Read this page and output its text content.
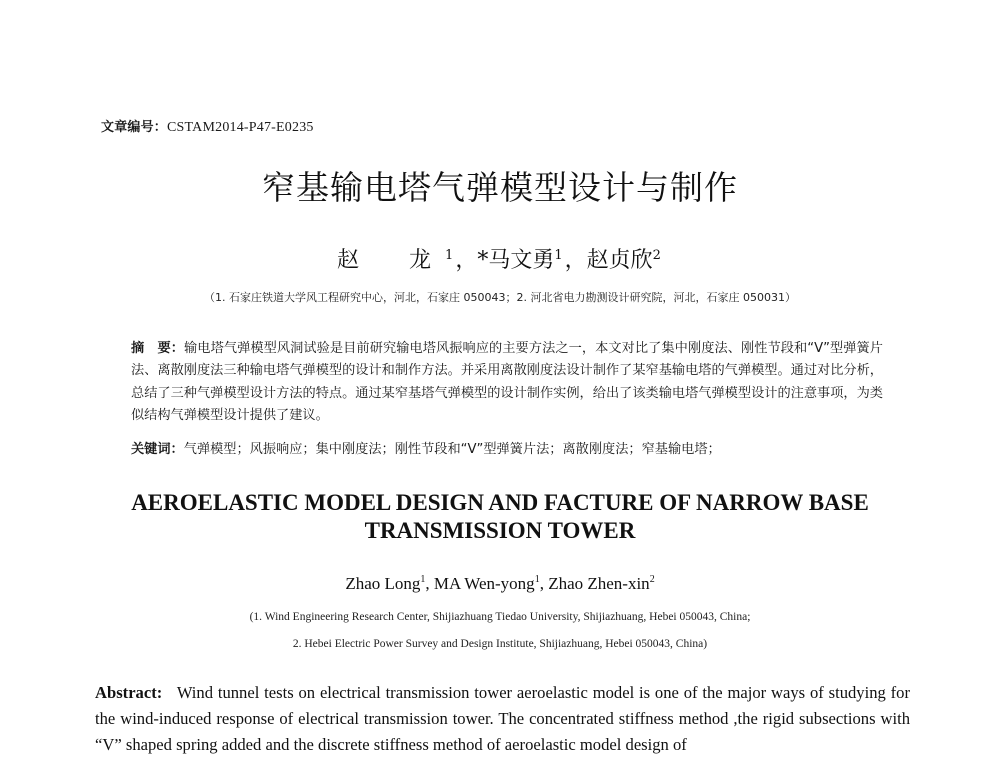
文章编号：CSTAM2014-P47-E0235
窄基输电塔气弹模型设计与制作
赵　龙$^1$，*马文勇$^1$，赵贞欣$^2$
（1. 石家庄铁道大学风工程研究中心，河北，石家庄 050043；2. 河北省电力勘测设计研究院，河北，石家庄 050031）
摘　要：输电塔气弹模型风洞试验是目前研究输电塔风振响应的主要方法之一，本文对比了集中刚度法、刚性节段和“V”型弹簧片法、离散刚度法三种输电塔气弹模型的设计和制作方法。并采用离散刚度法设计制作了某窄基输电塔的气弹模型。通过对比分析，总结了三种气弹模型设计方法的特点。通过某窄基塔气弹模型的设计制作实例，给出了该类输电塔气弹模型设计的注意事项，为类似结构气弹模型设计提供了建议。
关键词：气弹模型；风振响应；集中刚度法；刚性节段和“V”型弹簧片法；离散刚度法；窄基输电塔；
AEROELASTIC MODEL DESIGN AND FACTURE OF NARROW BASE
TRANSMISSION TOWER
Zhao Long$^1$, MA Wen-yong$^1$, Zhao Zhen-xin$^2$
(1. Wind Engineering Research Center, Shijiazhuang Tiedao University, Shijiazhuang, Hebei 050043, China;
2. Hebei Electric Power Survey and Design Institute, Shijiazhuang, Hebei 050043, China)
Abstract: Wind tunnel tests on electrical transmission tower aeroelastic model is one of the major ways of studying for the wind-induced response of electrical transmission tower. The concentrated stiffness method ,the rigid subsections with “V” shaped spring added and the discrete stiffness method of aeroelastic model design of
